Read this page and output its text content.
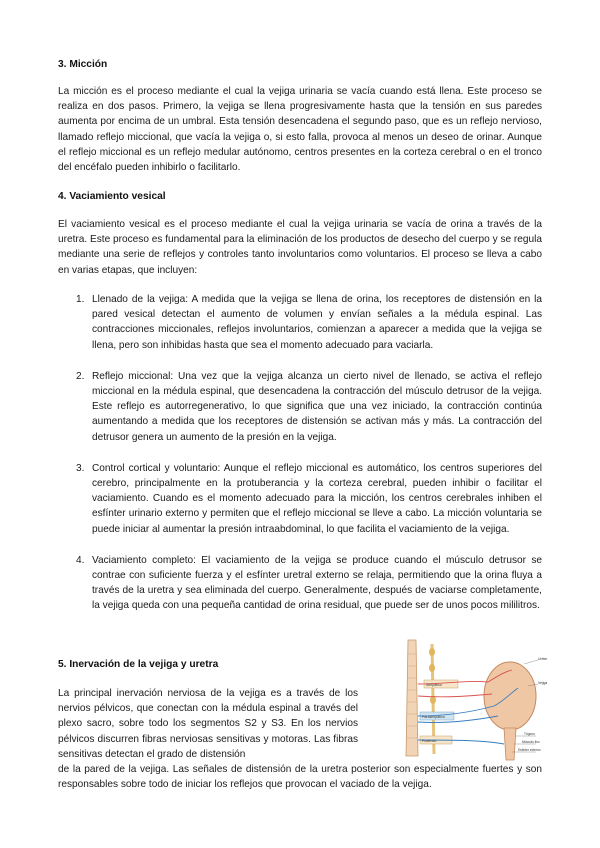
3. Micción

La micción es el proceso mediante el cual la vejiga urinaria se vacía cuando está llena. Este proceso se realiza en dos pasos. Primero, la vejiga se llena progresivamente hasta que la tensión en sus paredes aumenta por encima de un umbral. Esta tensión desencadena el segundo paso, que es un reflejo nervioso, llamado reflejo miccional, que vacía la vejiga o, si esto falla, provoca al menos un deseo de orinar. Aunque el reflejo miccional es un reflejo medular autónomo, centros presentes en la corteza cerebral o en el tronco del encéfalo pueden inhibirlo o facilitarlo.

4. Vaciamiento vesical

El vaciamiento vesical es el proceso mediante el cual la vejiga urinaria se vacía de orina a través de la uretra. Este proceso es fundamental para la eliminación de los productos de desecho del cuerpo y se regula mediante una serie de reflejos y controles tanto involuntarios como voluntarios. El proceso se lleva a cabo en varias etapas, que incluyen:

1. Llenado de la vejiga: A medida que la vejiga se llena de orina, los receptores de distensión en la pared vesical detectan el aumento de volumen y envían señales a la médula espinal. Las contracciones miccionales, reflejos involuntarios, comienzan a aparecer a medida que la vejiga se llena, pero son inhibidas hasta que sea el momento adecuado para vaciarla.
2. Reflejo miccional: Una vez que la vejiga alcanza un cierto nivel de llenado, se activa el reflejo miccional en la médula espinal, que desencadena la contracción del músculo detrusor de la vejiga. Este reflejo es autorregenerativo, lo que significa que una vez iniciado, la contracción continúa aumentando a medida que los receptores de distensión se activan más y más. La contracción del detrusor genera un aumento de la presión en la vejiga.
3. Control cortical y voluntario: Aunque el reflejo miccional es automático, los centros superiores del cerebro, principalmente en la protuberancia y la corteza cerebral, pueden inhibir o facilitar el vaciamiento. Cuando es el momento adecuado para la micción, los centros cerebrales inhiben el esfínter urinario externo y permiten que el reflejo miccional se lleve a cabo. La micción voluntaria se puede iniciar al aumentar la presión intraabdominal, lo que facilita el vaciamiento de la vejiga.
4. Vaciamiento completo: El vaciamiento de la vejiga se produce cuando el músculo detrusor se contrae con suficiente fuerza y el esfínter uretral externo se relaja, permitiendo que la orina fluya a través de la uretra y sea eliminada del cuerpo. Generalmente, después de vaciarse completamente, la vejiga queda con una pequeña cantidad de orina residual, que puede ser de unos pocos mililitros.
5. Inervación de la vejiga y uretra

La principal inervación nerviosa de la vejiga es a través de los nervios pélvicos, que conectan con la médula espinal a través del plexo sacro, sobre todo los segmentos S2 y S3. En los nervios pélvicos discurren fibras nerviosas sensitivas y motoras. Las fibras sensitivas detectan el grado de distensión

de la pared de la vejiga. Las señales de distensión de la uretra posterior son especialmente fuertes y son responsables sobre todo de iniciar los reflejos que provocan el vaciado de la vejiga.

Simpático
Parasimpático
Pudendo
Uréter
Vejiga
Trígono
Músculo liso
Esfínter externo
